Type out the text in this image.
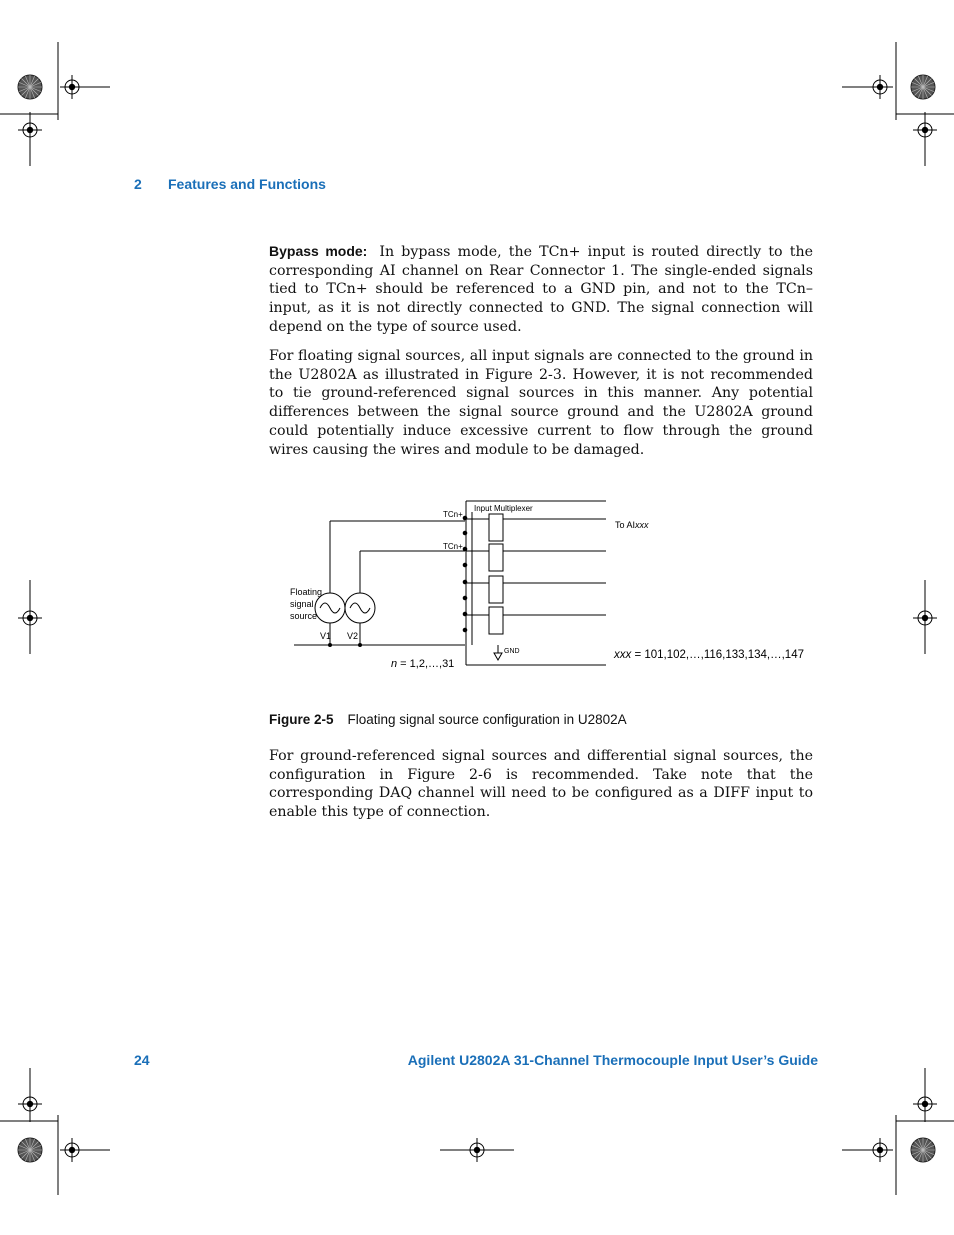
2 Features and Functions

Bypass mode: In bypass mode, the TCn+ input is routed directly to the corresponding AI channel on Rear Connector 1. The single-ended signals tied to TCn+ should be referenced to a GND pin, and not to the TCn– input, as it is not directly connected to GND. The signal connection will depend on the type of source used.

For floating signal sources, all input signals are connected to the ground in the U2802A as illustrated in Figure 2-3. However, it is not recommended to tie ground-referenced signal sources in this manner. Any potential differences between the signal source ground and the U2802A ground could potentially induce excessive current to flow through the ground wires causing the wires and module to be damaged.

Input Multiplexer
TCn+
TCn+
To AIxxx
Floating
signal
source
V1 V2
GND
n = 1,2,…,31
xxx = 101,102,…,116,133,134,…,147
Figure 2-5 Floating signal source configuration in U2802A

For ground-referenced signal sources and differential signal sources, the configuration in Figure 2-6 is recommended. Take note that the corresponding DAQ channel will need to be configured as a DIFF input to enable this type of connection.

24	Agilent U2802A 31-Channel Thermocouple Input User’s Guide
